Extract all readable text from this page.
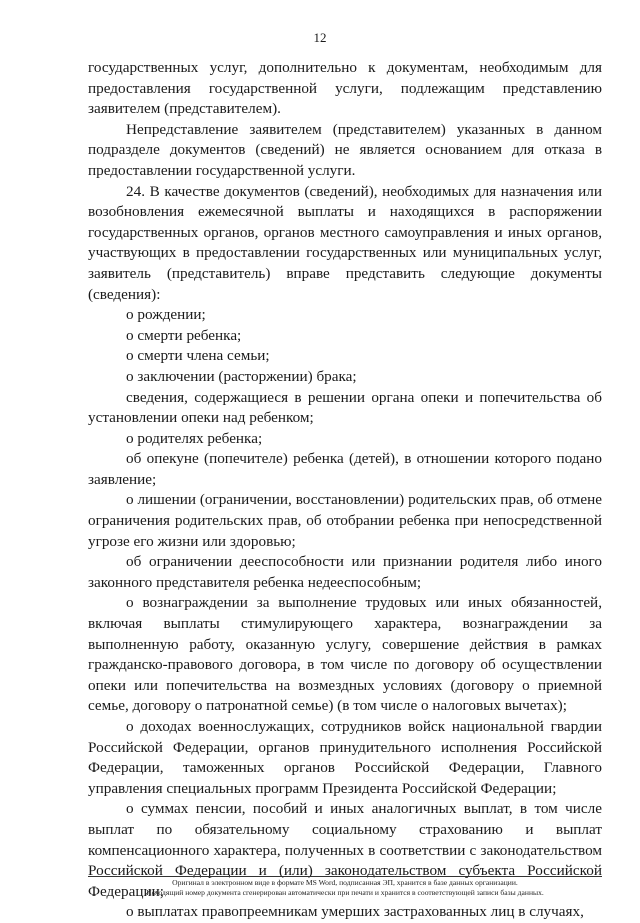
12

государственных услуг, дополнительно к документам, необходимым для предоставления государственной услуги, подлежащим представлению заявителем (представителем).

Непредставление заявителем (представителем) указанных в данном подразделе документов (сведений) не является основанием для отказа в предоставлении государственной услуги.

24. В качестве документов (сведений), необходимых для назначения или возобновления ежемесячной выплаты и находящихся в распоряжении государственных органов, органов местного самоуправления и иных органов, участвующих в предоставлении государственных или муниципальных услуг, заявитель (представитель) вправе представить следующие документы (сведения):

о рождении;

о смерти ребенка;

о смерти члена семьи;

о заключении (расторжении) брака;

сведения, содержащиеся в решении органа опеки и попечительства об установлении опеки над ребенком;

о родителях ребенка;

об опекуне (попечителе) ребенка (детей), в отношении которого подано заявление;

о лишении (ограничении, восстановлении) родительских прав, об отмене ограничения родительских прав, об отобрании ребенка при непосредственной угрозе его жизни или здоровью;

об ограничении дееспособности или признании родителя либо иного законного представителя ребенка недееспособным;

о вознаграждении за выполнение трудовых или иных обязанностей, включая выплаты стимулирующего характера, вознаграждении за выполненную работу, оказанную услугу, совершение действия в рамках гражданско-правового договора, в том числе по договору об осуществлении опеки или попечительства на возмездных условиях (договору о приемной семье, договору о патронатной семье) (в том числе о налоговых вычетах);

о доходах военнослужащих, сотрудников войск национальной гвардии Российской Федерации, органов принудительного исполнения Российской Федерации, таможенных органов Российской Федерации, Главного управления специальных программ Президента Российской Федерации;

о суммах пенсии, пособий и иных аналогичных выплат, в том числе выплат по обязательному социальному страхованию и выплат компенсационного характера, полученных в соответствии с законодательством Российской Федерации и (или) законодательством субъекта Российской Федерации;

о выплатах правопреемникам умерших застрахованных лиц в случаях,

Оригинал в электронном виде в формате MS Word, подписанная ЭП, хранится в базе данных организации.
Исходящий номер документа сгенерирован автоматически при печати и хранится в соответствующей записи базы данных.
